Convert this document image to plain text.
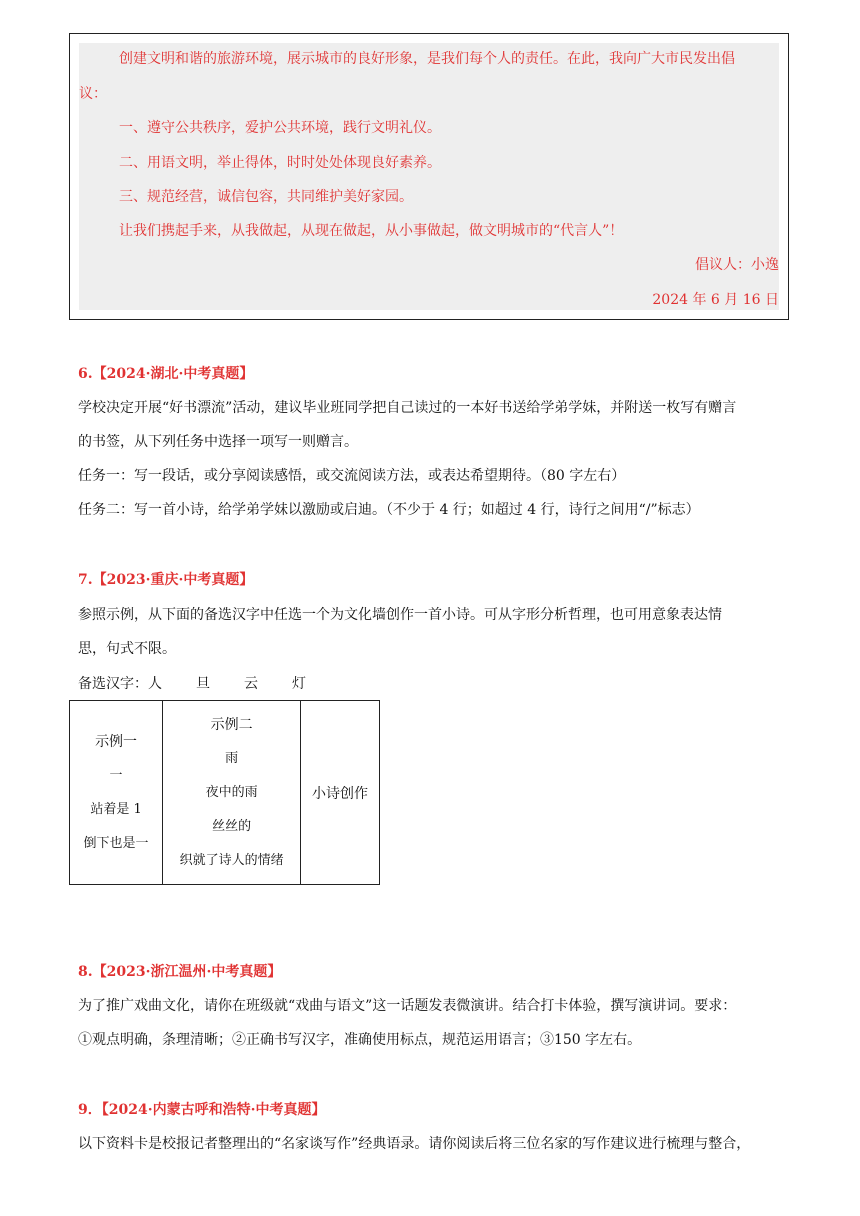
创建文明和谐的旅游环境，展示城市的良好形象，是我们每个人的责任。在此，我向广大市民发出倡
议：
一、遵守公共秩序，爱护公共环境，践行文明礼仪。
二、用语文明，举止得体，时时处处体现良好素养。
三、规范经营，诚信包容，共同维护美好家园。
让我们携起手来，从我做起，从现在做起，从小事做起，做文明城市的“代言人”！
倡议人：小逸
2024 年 6 月 16 日
6.【2024·湖北·中考真题】
学校决定开展“好书漂流”活动，建议毕业班同学把自己读过的一本好书送给学弟学妹，并附送一枚写有赠言
的书签，从下列任务中选择一项写一则赠言。
任务一：写一段话，或分享阅读感悟，或交流阅读方法，或表达希望期待。（80 字左右）
任务二：写一首小诗，给学弟学妹以激励或启迪。（不少于 4 行；如超过 4 行，诗行之间用“/”标志）
7.【2023·重庆·中考真题】
参照示例，从下面的备选汉字中任选一个为文化墙创作一首小诗。可从字形分析哲理，也可用意象表达情
思，句式不限。
备选汉字：人 旦 云 灯
示例一
一
站着是 1
倒下也是一

示例二
雨
夜中的雨
丝丝的
织就了诗人的情绪
	小诗创作
8.【2023·浙江温州·中考真题】
为了推广戏曲文化，请你在班级就“戏曲与语文”这一话题发表微演讲。结合打卡体验，撰写演讲词。要求：
①观点明确，条理清晰；②正确书写汉字，准确使用标点，规范运用语言；③150 字左右。
9．【2024·内蒙古呼和浩特·中考真题】
以下资料卡是校报记者整理出的“名家谈写作”经典语录。请你阅读后将三位名家的写作建议进行梳理与整合，
